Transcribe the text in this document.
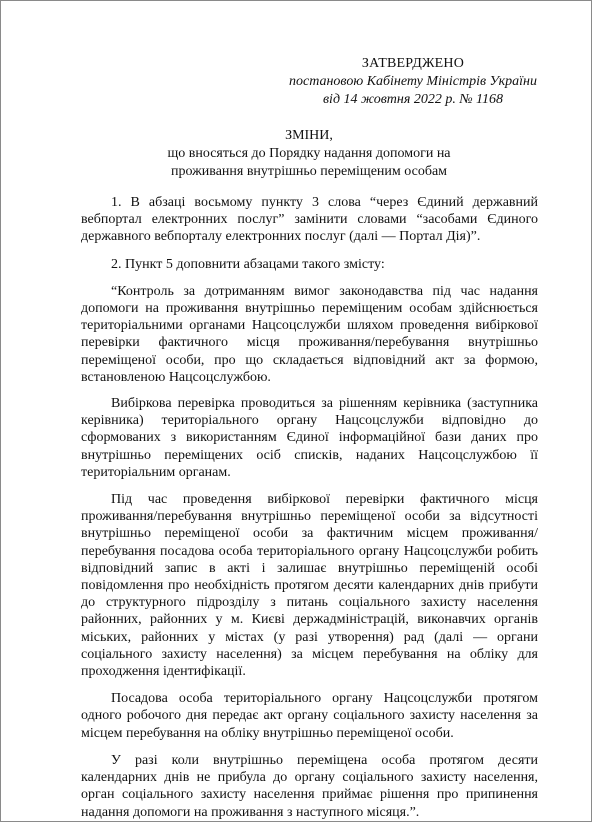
ЗАТВЕРДЖЕНО
постановою Кабінету Міністрів України
від 14 жовтня 2022 р. № 1168
ЗМІНИ,
що вносяться до Порядку надання допомоги на
проживання внутрішньо переміщеним особам

1. В абзаці восьмому пункту 3 слова “через Єдиний державний вебпортал електронних послуг” замінити словами “засобами Єдиного державного вебпорталу електронних послуг (далі — Портал Дія)”.

2. Пункт 5 доповнити абзацами такого змісту:

“Контроль за дотриманням вимог законодавства під час надання допомоги на проживання внутрішньо переміщеним особам здійснюється територіальними органами Нацсоцслужби шляхом проведення вибіркової перевірки фактичного місця проживання/перебування внутрішньо переміщеної особи, про що складається відповідний акт за формою, встановленою Нацсоцслужбою.

Вибіркова перевірка проводиться за рішенням керівника (заступника керівника) територіального органу Нацсоцслужби відповідно до сформованих з використанням Єдиної інформаційної бази даних про внутрішньо переміщених осіб списків, наданих Нацсоцслужбою її територіальним органам.

Під час проведення вибіркової перевірки фактичного місця проживання/перебування внутрішньо переміщеної особи за відсутності внутрішньо переміщеної особи за фактичним місцем проживання/перебування посадова особа територіального органу Нацсоцслужби робить відповідний запис в акті і залишає внутрішньо переміщеній особі повідомлення про необхідність протягом десяти календарних днів прибути до структурного підрозділу з питань соціального захисту населення районних, районних у м. Києві держадміністрацій, виконавчих органів міських, районних у містах (у разі утворення) рад (далі — органи соціального захисту населення) за місцем перебування на обліку для проходження ідентифікації.

Посадова особа територіального органу Нацсоцслужби протягом одного робочого дня передає акт органу соціального захисту населення за місцем перебування на обліку внутрішньо переміщеної особи.

У разі коли внутрішньо переміщена особа протягом десяти календарних днів не прибула до органу соціального захисту населення, орган соціального захисту населення приймає рішення про припинення надання допомоги на проживання з наступного місяця.”.
